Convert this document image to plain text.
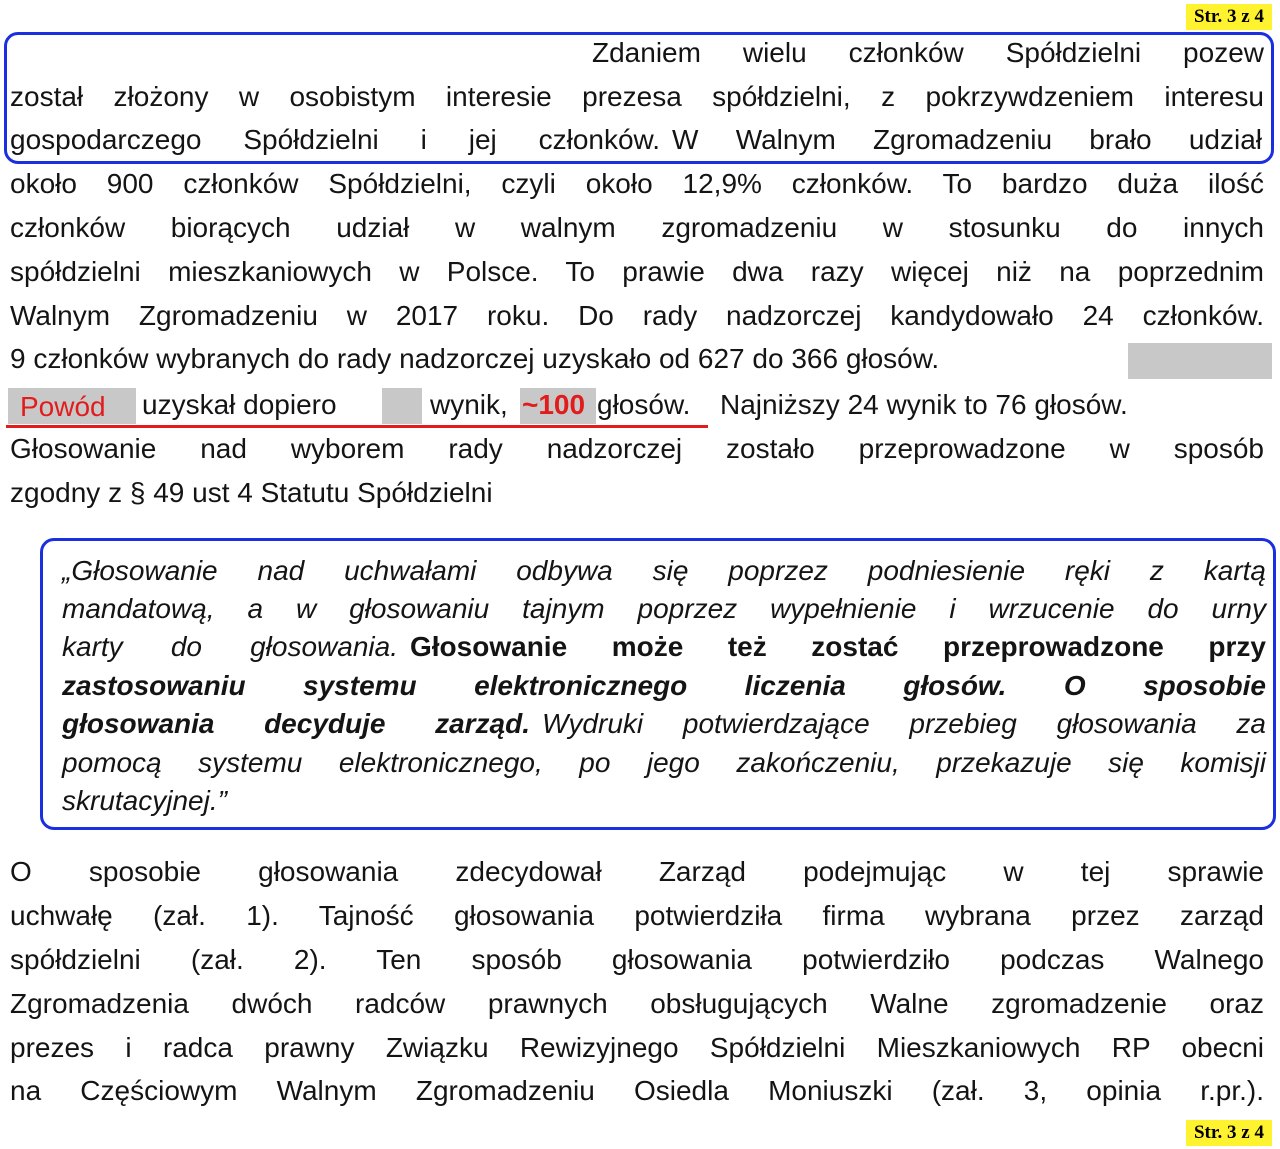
Str. 3 z 4
Zdaniem wielu członków Spółdzielni pozew
został złożony w osobistym interesie prezesa spółdzielni, z pokrzywdzeniem interesu
gospodarczego Spółdzielni i jej członków. W Walnym Zgromadzeniu brało udział
około 900 członków Spółdzielni, czyli około 12,9% członków. To bardzo duża ilość
członków biorących udział w walnym zgromadzeniu w stosunku do innych
spółdzielni mieszkaniowych w Polsce. To prawie dwa razy więcej niż na poprzednim
Walnym Zgromadzeniu w 2017 roku. Do rady nadzorczej kandydowało 24 członków.
9 członków wybranych do rady nadzorczej uzyskało od 627 do 366 głosów.
Powód	uzyskał dopiero	wynik, ~100 głosów.	Najniższy 24 wynik to 76 głosów.
Głosowanie nad wyborem rady nadzorczej zostało przeprowadzone w sposób
zgodny z § 49 ust 4 Statutu Spółdzielni
„Głosowanie nad uchwałami odbywa się poprzez podniesienie ręki z kartą
mandatową, a w głosowaniu tajnym poprzez wypełnienie i wrzucenie do urny
karty do głosowania. Głosowanie może też zostać przeprowadzone przy
zastosowaniu systemu elektronicznego liczenia głosów. O sposobie
głosowania decyduje zarząd. Wydruki potwierdzające przebieg głosowania za
pomocą systemu elektronicznego, po jego zakończeniu, przekazuje się komisji
skrutacyjnej.”
O sposobie głosowania zdecydował Zarząd podejmując w tej sprawie
uchwałę (zał. 1). Tajność głosowania potwierdziła firma wybrana przez zarząd
spółdzielni (zał. 2). Ten sposób głosowania potwierdziło podczas Walnego
Zgromadzenia dwóch radców prawnych obsługujących Walne zgromadzenie oraz
prezes i radca prawny Związku Rewizyjnego Spółdzielni Mieszkaniowych RP obecni
na Częściowym Walnym Zgromadzeniu Osiedla Moniuszki (zał. 3, opinia r.pr.).
Str. 3 z 4
